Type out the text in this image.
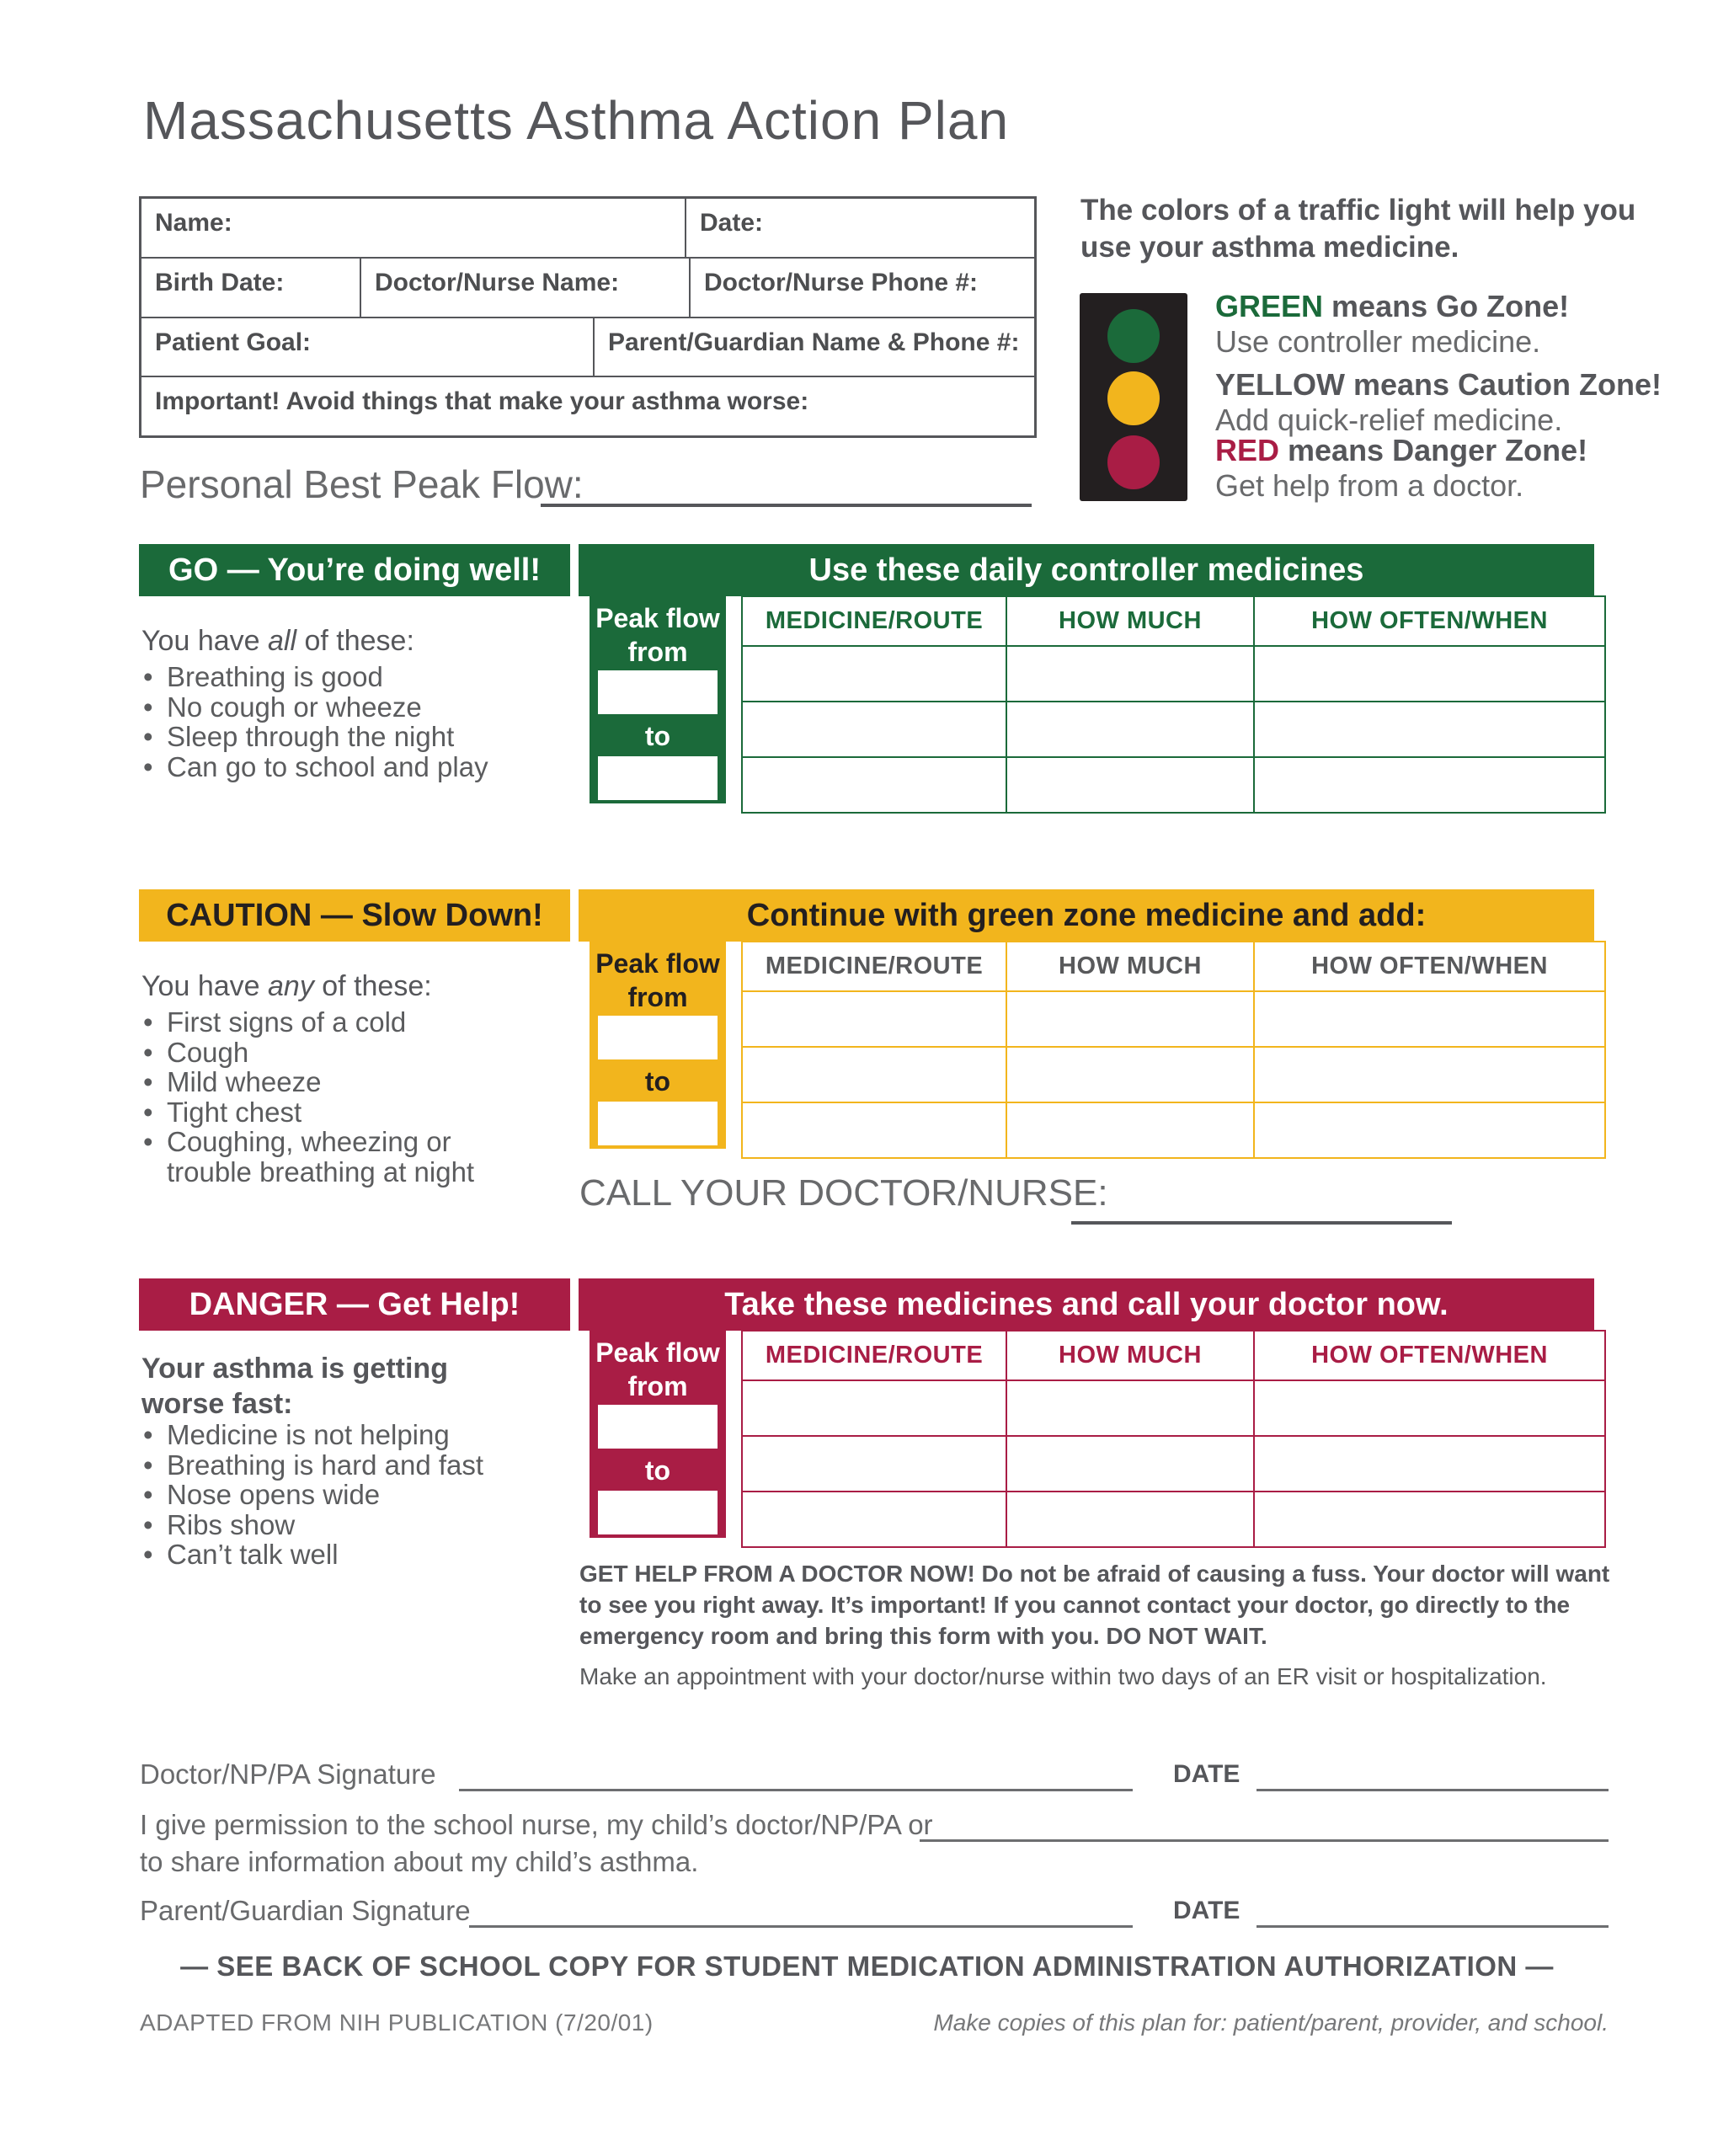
Massachusetts Asthma Action Plan
Name:	Date:
Birth Date:	Doctor/Nurse Name:	Doctor/Nurse Phone #:
Patient Goal:	Parent/Guardian Name & Phone #:
Important! Avoid things that make your asthma worse:
Personal Best Peak Flow:
The colors of a traffic light will help you use your asthma medicine.
GREEN means Go Zone!
Use controller medicine.
YELLOW means Caution Zone!
Add quick-relief medicine.
RED means Danger Zone!
Get help from a doctor.
GO — You’re doing well!	Use these daily controller medicines
You have all of these:
• Breathing is good
• No cough or wheeze
• Sleep through the night
• Can go to school and play
Peak flow from
to
MEDICINE/ROUTE	HOW MUCH	HOW OFTEN/WHEN

CAUTION — Slow Down!	Continue with green zone medicine and add:
You have any of these:
• First signs of a cold
• Cough
• Mild wheeze
• Tight chest
• Coughing, wheezing or trouble breathing at night
Peak flow from
to
MEDICINE/ROUTE	HOW MUCH	HOW OFTEN/WHEN

CALL YOUR DOCTOR/NURSE:
DANGER — Get Help!	Take these medicines and call your doctor now.
Your asthma is getting worse fast:
• Medicine is not helping
• Breathing is hard and fast
• Nose opens wide
• Ribs show
• Can’t talk well
Peak flow from
to
MEDICINE/ROUTE	HOW MUCH	HOW OFTEN/WHEN

GET HELP FROM A DOCTOR NOW! Do not be afraid of causing a fuss. Your doctor will want to see you right away. It’s important! If you cannot contact your doctor, go directly to the emergency room and bring this form with you. DO NOT WAIT.
Make an appointment with your doctor/nurse within two days of an ER visit or hospitalization.
Doctor/NP/PA Signature	DATE
I give permission to the school nurse, my child’s doctor/NP/PA or
to share information about my child’s asthma.
Parent/Guardian Signature	DATE
— SEE BACK OF SCHOOL COPY FOR STUDENT MEDICATION ADMINISTRATION AUTHORIZATION —
ADAPTED FROM NIH PUBLICATION (7/20/01)	Make copies of this plan for: patient/parent, provider, and school.
